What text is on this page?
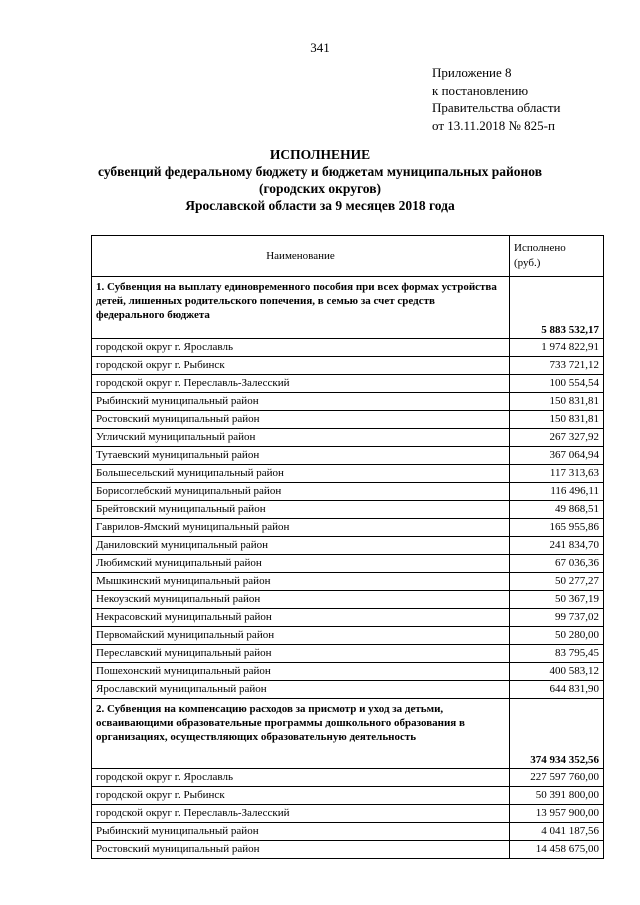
341
Приложение 8
к постановлению
Правительства области
от 13.11.2018 № 825-п
ИСПОЛНЕНИЕ
субвенций федеральному бюджету и бюджетам муниципальных районов
(городских округов)
Ярославской области за 9 месяцев 2018 года
Наименование	Исполнено
(руб.)

1. Субвенция на выплату единовременного пособия при всех формах устройства детей, лишенных родительского попечения, в семью за счет средств федерального бюджета	5 883 532,17
городской округ г. Ярославль	1 974 822,91
городской округ г. Рыбинск	733 721,12
городской округ г. Переславль-Залесский	100 554,54
Рыбинский муниципальный район	150 831,81
Ростовский муниципальный район	150 831,81
Угличский муниципальный район	267 327,92
Тутаевский муниципальный район	367 064,94
Большесельский муниципальный район	117 313,63
Борисоглебский муниципальный район	116 496,11
Брейтовский муниципальный район	49 868,51
Гаврилов-Ямский муниципальный район	165 955,86
Даниловский муниципальный район	241 834,70
Любимский муниципальный район	67 036,36
Мышкинский муниципальный район	50 277,27
Некоузский муниципальный район	50 367,19
Некрасовский муниципальный район	99 737,02
Первомайский муниципальный район	50 280,00
Переславский муниципальный район	83 795,45
Пошехонский муниципальный район	400 583,12
Ярославский муниципальный район	644 831,90
2. Субвенция на компенсацию расходов за присмотр и уход за детьми, осваивающими образовательные программы дошкольного образования в организациях, осуществляющих образовательную деятельность	374 934 352,56
городской округ г. Ярославль	227 597 760,00
городской округ г. Рыбинск	50 391 800,00
городской округ г. Переславль-Залесский	13 957 900,00
Рыбинский муниципальный район	4 041 187,56
Ростовский муниципальный район	14 458 675,00
